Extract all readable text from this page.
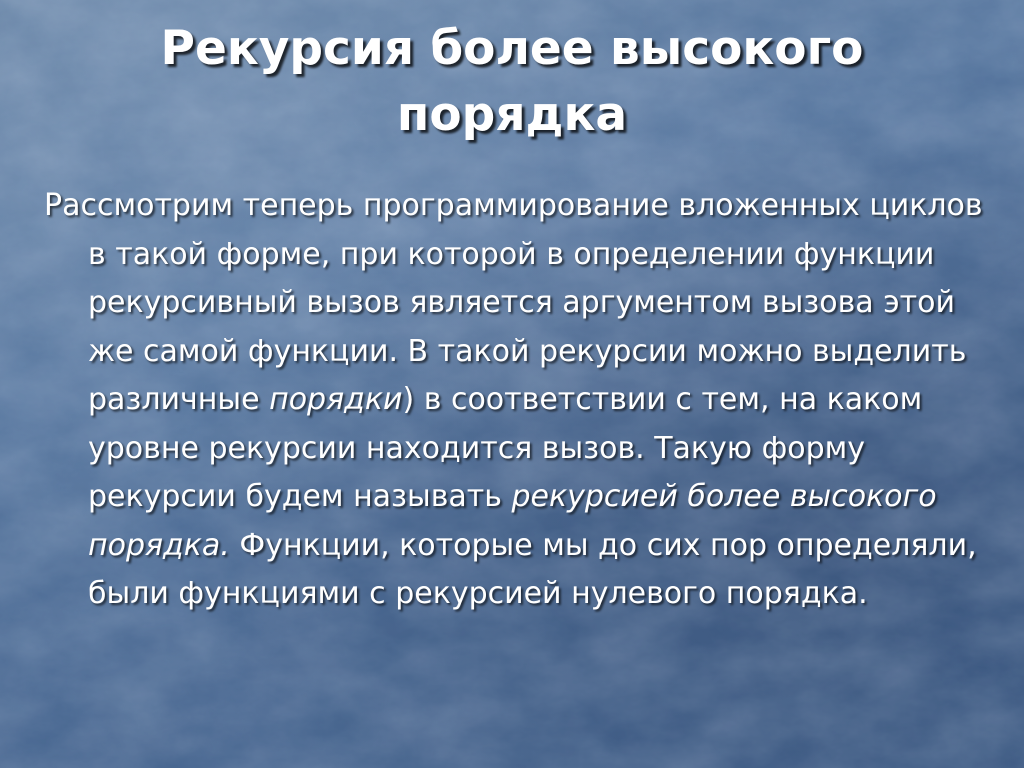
Рекурсия более высокого
порядка

Рассмотрим теперь программирование вложенных циклов в такой форме, при которой в определении функции рекурсивный вызов является аргументом вызова этой же самой функции. В такой рекурсии можно выделить различные порядки) в соответствии с тем, на каком уровне рекурсии находится вызов. Такую форму рекурсии будем называть рекурсией более высокого порядка. Функции, которые мы до сих пор определяли, были функциями с рекурсией нулевого порядка.
